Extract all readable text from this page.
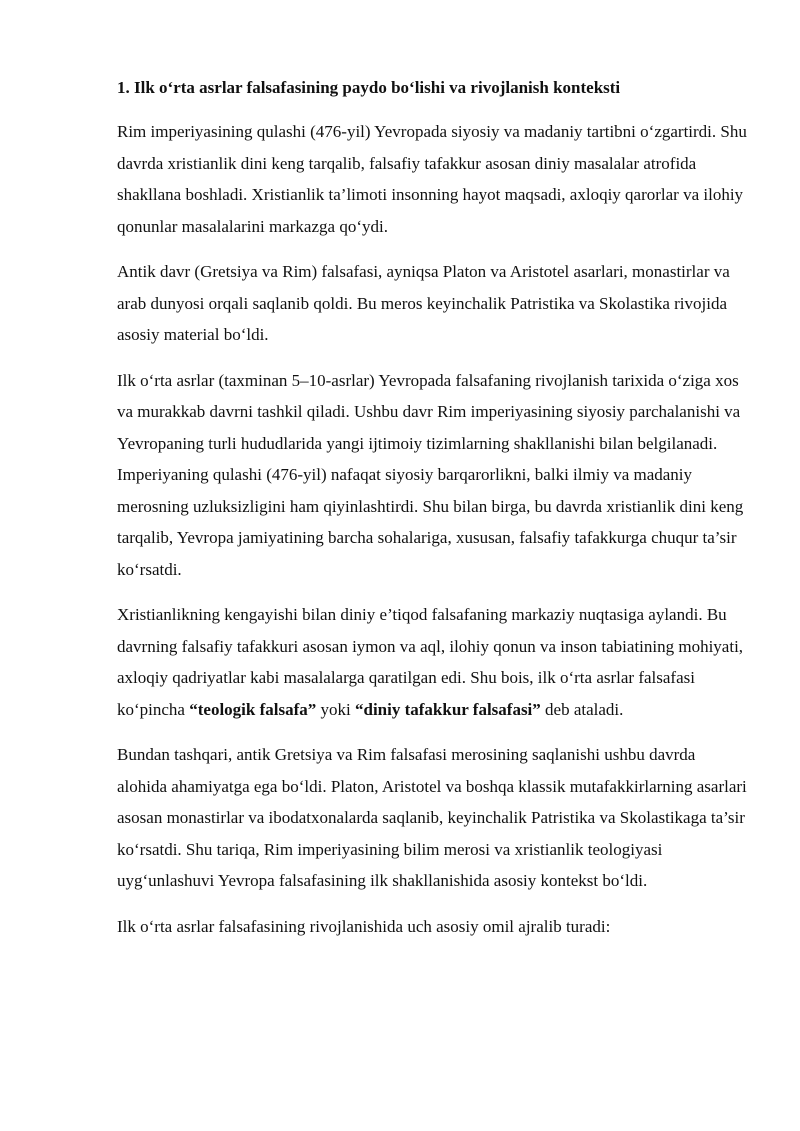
1. Ilk o‘rta asrlar falsafasining paydo bo‘lishi va rivojlanish konteksti

Rim imperiyasining qulashi (476-yil) Yevropada siyosiy va madaniy tartibni o‘zgartirdi. Shu davrda xristianlik dini keng tarqalib, falsafiy tafakkur asosan diniy masalalar atrofida shakllana boshladi. Xristianlik ta’limoti insonning hayot maqsadi, axloqiy qarorlar va ilohiy qonunlar masalalarini markazga qo‘ydi.

Antik davr (Gretsiya va Rim) falsafasi, ayniqsa Platon va Aristotel asarlari, monastirlar va arab dunyosi orqali saqlanib qoldi. Bu meros keyinchalik Patristika va Skolastika rivojida asosiy material bo‘ldi.

Ilk o‘rta asrlar (taxminan 5–10-asrlar) Yevropada falsafaning rivojlanish tarixida o‘ziga xos va murakkab davrni tashkil qiladi. Ushbu davr Rim imperiyasining siyosiy parchalanishi va Yevropaning turli hududlarida yangi ijtimoiy tizimlarning shakllanishi bilan belgilanadi. Imperiyaning qulashi (476-yil) nafaqat siyosiy barqarorlikni, balki ilmiy va madaniy merosning uzluksizligini ham qiyinlashtirdi. Shu bilan birga, bu davrda xristianlik dini keng tarqalib, Yevropa jamiyatining barcha sohalariga, xususan, falsafiy tafakkurga chuqur ta’sir ko‘rsatdi.

Xristianlikning kengayishi bilan diniy e’tiqod falsafaning markaziy nuqtasiga aylandi. Bu davrning falsafiy tafakkuri asosan iymon va aql, ilohiy qonun va inson tabiatining mohiyati, axloqiy qadriyatlar kabi masalalarga qaratilgan edi. Shu bois, ilk o‘rta asrlar falsafasi ko‘pincha “teologik falsafa” yoki “diniy tafakkur falsafasi” deb ataladi.

Bundan tashqari, antik Gretsiya va Rim falsafasi merosining saqlanishi ushbu davrda alohida ahamiyatga ega bo‘ldi. Platon, Aristotel va boshqa klassik mutafakkirlarning asarlari asosan monastirlar va ibodatxonalarda saqlanib, keyinchalik Patristika va Skolastikaga ta’sir ko‘rsatdi. Shu tariqa, Rim imperiyasining bilim merosi va xristianlik teologiyasi uyg‘unlashuvi Yevropa falsafasining ilk shakllanishida asosiy kontekst bo‘ldi.

Ilk o‘rta asrlar falsafasining rivojlanishida uch asosiy omil ajralib turadi:
